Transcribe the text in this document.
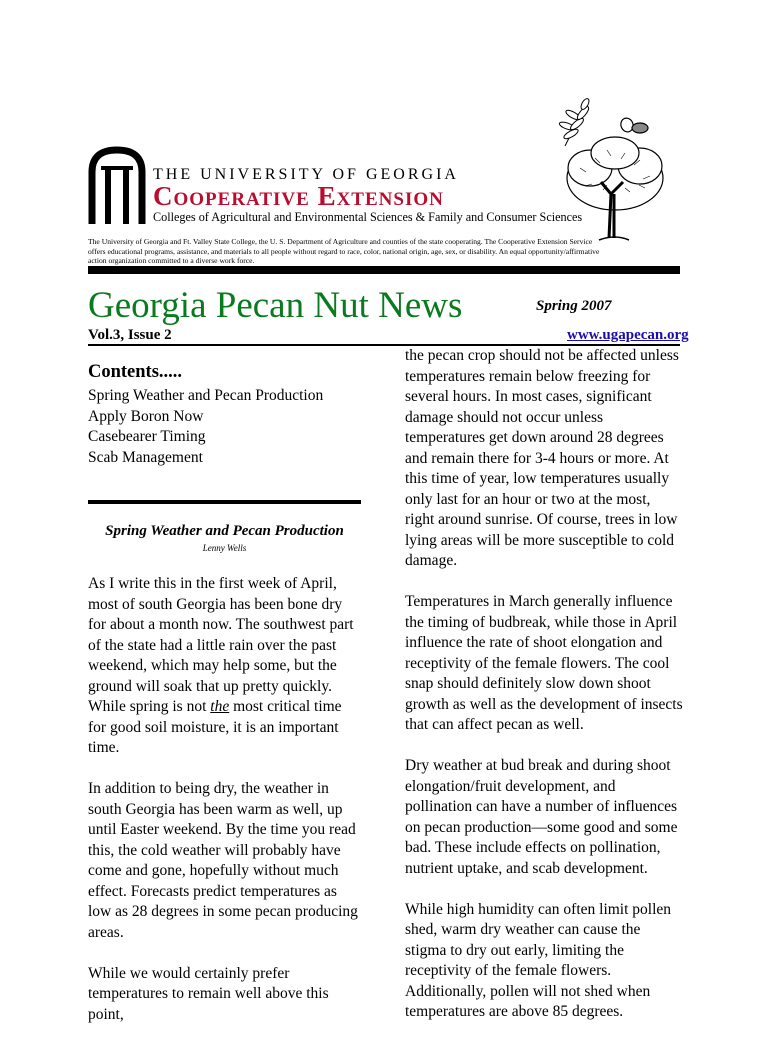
THE UNIVERSITY OF GEORGIA
Cooperative Extension
Colleges of Agricultural and Environmental Sciences & Family and Consumer Sciences
The University of Georgia and Ft. Valley State College, the U. S. Department of Agriculture and counties of the state cooperating. The Cooperative Extension Service offers educational programs, assistance, and materials to all people without regard to race, color, national origin, age, sex, or disability. An equal opportunity/affirmative action organization committed to a diverse work force.
Georgia Pecan Nut News	Spring 2007
Vol.3, Issue 2	www.ugapecan.org
Contents.....
Spring Weather and Pecan Production
Apply Boron Now
Casebearer Timing
Scab Management
Spring Weather and Pecan Production
Lenny Wells

As I write this in the first week of April, most of south Georgia has been bone dry for about a month now. The southwest part of the state had a little rain over the past weekend, which may help some, but the ground will soak that up pretty quickly. While spring is not the most critical time for good soil moisture, it is an important time.

In addition to being dry, the weather in south Georgia has been warm as well, up until Easter weekend. By the time you read this, the cold weather will probably have come and gone, hopefully without much effect. Forecasts predict temperatures as low as 28 degrees in some pecan producing areas.

While we would certainly prefer temperatures to remain well above this point,

the pecan crop should not be affected unless temperatures remain below freezing for several hours. In most cases, significant damage should not occur unless temperatures get down around 28 degrees and remain there for 3-4 hours or more. At this time of year, low temperatures usually only last for an hour or two at the most, right around sunrise. Of course, trees in low lying areas will be more susceptible to cold damage.

Temperatures in March generally influence the timing of budbreak, while those in April influence the rate of shoot elongation and receptivity of the female flowers. The cool snap should definitely slow down shoot growth as well as the development of insects that can affect pecan as well.

Dry weather at bud break and during shoot elongation/fruit development, and pollination can have a number of influences on pecan production—some good and some bad. These include effects on pollination, nutrient uptake, and scab development.

While high humidity can often limit pollen shed, warm dry weather can cause the stigma to dry out early, limiting the receptivity of the female flowers. Additionally, pollen will not shed when temperatures are above 85 degrees.
